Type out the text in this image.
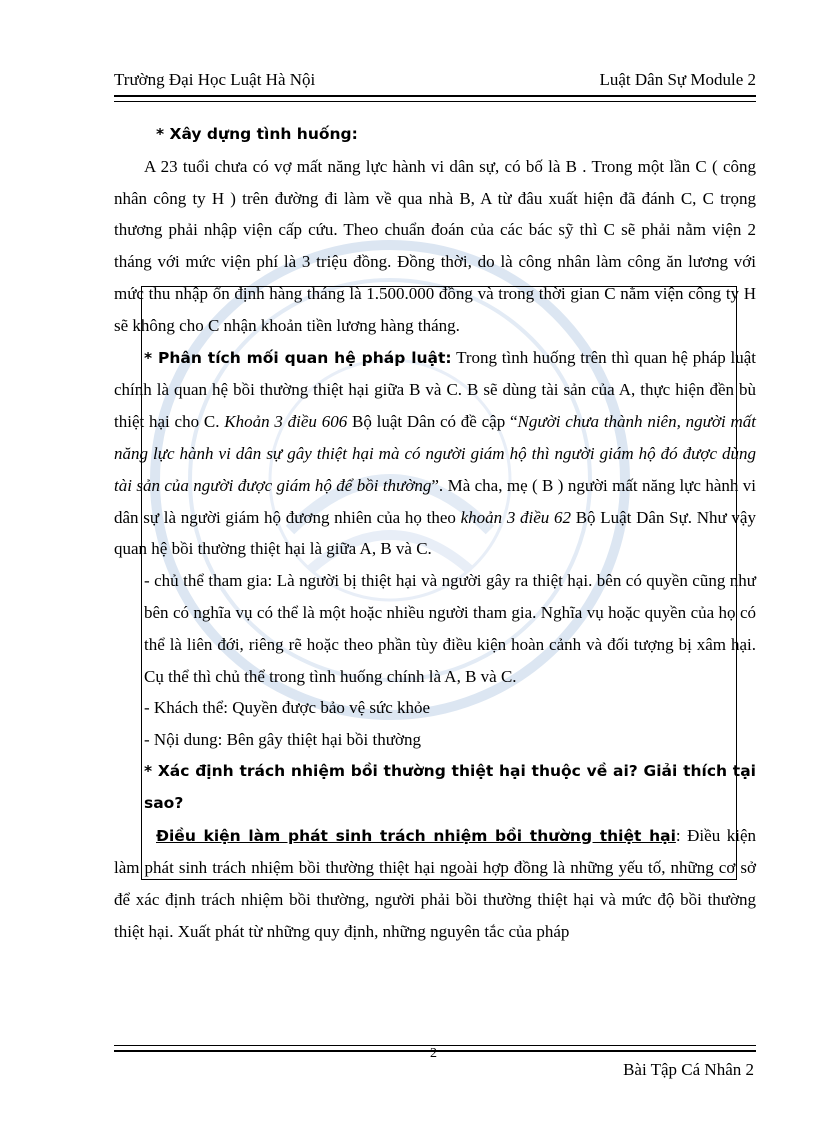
Trường Đại Học Luật Hà Nội	Luật Dân Sự Module 2

* Xây dựng tình huống:

A 23 tuổi chưa có vợ mất năng lực hành vi dân sự, có bố là B . Trong một lần C ( công nhân công ty H ) trên đường đi làm về qua nhà B, A từ đâu xuất hiện đã đánh C, C trọng thương phải nhập viện cấp cứu. Theo chuẩn đoán của các bác sỹ thì C sẽ phải nằm viện 2 tháng với mức viện phí là 3 triệu đồng. Đồng thời, do là công nhân làm công ăn lương với mức thu nhập ổn định hàng tháng là 1.500.000 đồng và trong thời gian C nằm viện công ty H sẽ không cho C nhận khoản tiền lương hàng tháng.

* Phân tích mối quan hệ pháp luật: Trong tình huống trên thì quan hệ pháp luật chính là quan hệ bồi thường thiệt hại giữa B và C. B sẽ dùng tài sản của A, thực hiện đền bù thiệt hại cho C. Khoản 3 điều 606 Bộ luật Dân có đề cập “Người chưa thành niên, người mất năng lực hành vi dân sự gây thiệt hại mà có người giám hộ thì người giám hộ đó được dùng tài sản của người được giám hộ để bồi thường”. Mà cha, mẹ ( B ) người mất năng lực hành vi dân sự là người giám hộ đương nhiên của họ theo khoản 3 điều 62 Bộ Luật Dân Sự. Như vậy quan hệ bồi thường thiệt hại là giữa A, B và C.

- chủ thể tham gia: Là người bị thiệt hại và người gây ra thiệt hại. bên có quyền cũng như bên có nghĩa vụ có thể là một hoặc nhiều người tham gia. Nghĩa vụ hoặc quyền của họ có thể là liên đới, riêng rẽ hoặc theo phần tùy điều kiện hoàn cảnh và đối tượng bị xâm hại. Cụ thể thì chủ thể trong tình huống chính là A, B và C.

- Khách thể: Quyền được bảo vệ sức khỏe

- Nội dung: Bên gây thiệt hại bồi thường

* Xác định trách nhiệm bồi thường thiệt hại thuộc về ai? Giải thích tại sao?

Điều kiện làm phát sinh trách nhiệm bồi thường thiệt hại: Điều kiện làm phát sinh trách nhiệm bồi thường thiệt hại ngoài hợp đồng là những yếu tố, những cơ sở để xác định trách nhiệm bồi thường, người phải bồi thường thiệt hại và mức độ bồi thường thiệt hại. Xuất phát từ những quy định, những nguyên tắc của pháp

2
Bài Tập Cá Nhân 2
